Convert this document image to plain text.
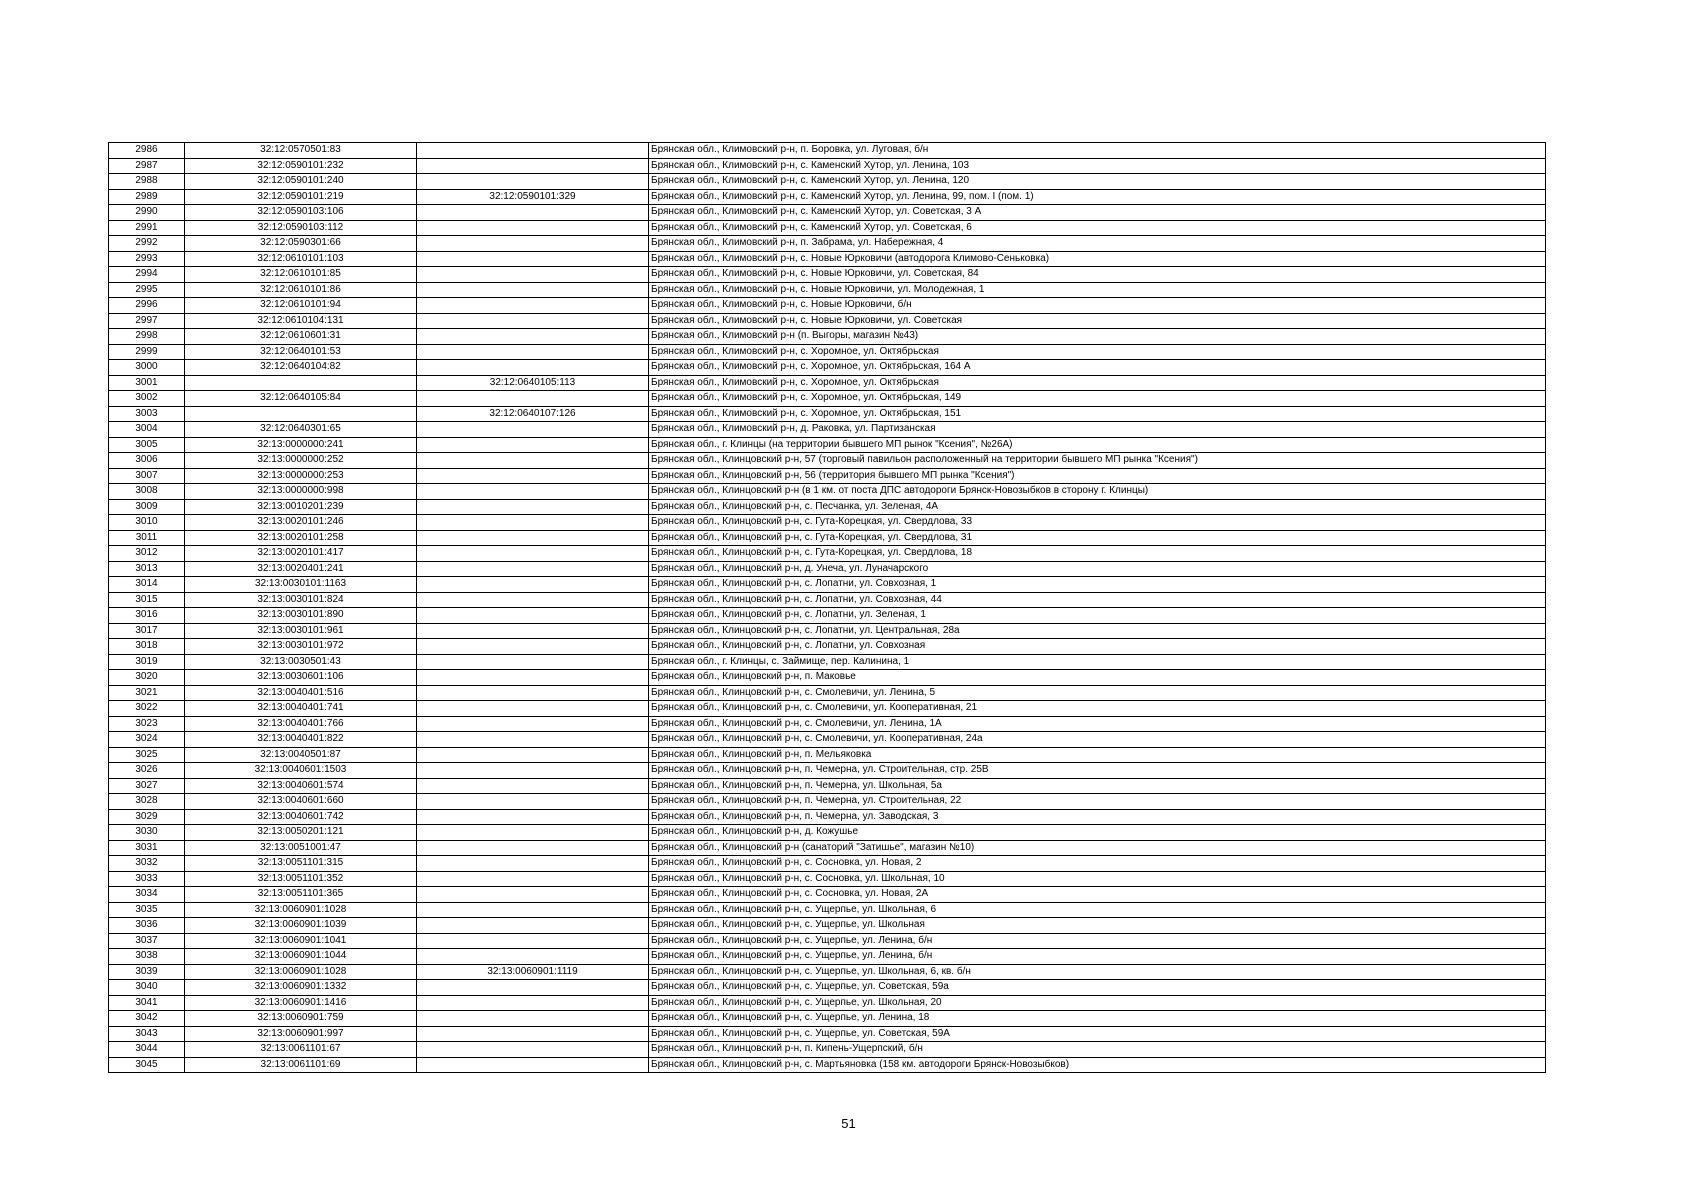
2986	32:12:0570501:83		Брянская обл., Климовский р-н, п. Боровка, ул. Луговая, б/н
2987	32:12:0590101:232		Брянская обл., Климовский р-н, с. Каменский Хутор, ул. Ленина, 103
2988	32:12:0590101:240		Брянская обл., Климовский р-н, с. Каменский Хутор, ул. Ленина, 120
2989	32:12:0590101:219	32:12:0590101:329	Брянская обл., Климовский р-н, с. Каменский Хутор, ул. Ленина, 99, пом. I (пом. 1)
2990	32:12:0590103:106		Брянская обл., Климовский р-н, с. Каменский Хутор, ул. Советская, 3 А
2991	32:12:0590103:112		Брянская обл., Климовский р-н, с. Каменский Хутор, ул. Советская, 6
2992	32:12:0590301:66		Брянская обл., Климовский р-н, п. Забрама, ул. Набережная, 4
2993	32:12:0610101:103		Брянская обл., Климовский р-н, с. Новые Юрковичи (автодорога Климово-Сеньковка)
2994	32:12:0610101:85		Брянская обл., Климовский р-н, с. Новые Юрковичи, ул. Советская, 84
2995	32:12:0610101:86		Брянская обл., Климовский р-н, с. Новые Юрковичи, ул. Молодежная, 1
2996	32:12:0610101:94		Брянская обл., Климовский р-н, с. Новые Юрковичи, б/н
2997	32:12:0610104:131		Брянская обл., Климовский р-н, с. Новые Юрковичи, ул. Советская
2998	32:12:0610601:31		Брянская обл., Климовский р-н (п. Выгоры, магазин №43)
2999	32:12:0640101:53		Брянская обл., Климовский р-н, с. Хоромное, ул. Октябрьская
3000	32:12:0640104:82		Брянская обл., Климовский р-н, с. Хоромное, ул. Октябрьская, 164 А
3001		32:12:0640105:113	Брянская обл., Климовский р-н, с. Хоромное, ул. Октябрьская
3002	32:12:0640105:84		Брянская обл., Климовский р-н, с. Хоромное, ул. Октябрьская, 149
3003		32:12:0640107:126	Брянская обл., Климовский р-н, с. Хоромное, ул. Октябрьская, 151
3004	32:12:0640301:65		Брянская обл., Климовский р-н, д. Раковка, ул. Партизанская
3005	32:13:0000000:241		Брянская обл., г. Клинцы (на территории бывшего МП рынок "Ксения", №26А)
3006	32:13:0000000:252		Брянская обл., Клинцовский р-н, 57 (торговый павильон расположенный на территории бывшего МП рынка "Ксения")
3007	32:13:0000000:253		Брянская обл., Клинцовский р-н, 56 (территория бывшего МП рынка "Ксения")
3008	32:13:0000000:998		Брянская обл., Клинцовский р-н (в 1 км. от поста ДПС автодороги Брянск-Новозыбков в сторону г. Клинцы)
3009	32:13:0010201:239		Брянская обл., Клинцовский р-н, с. Песчанка, ул. Зеленая, 4А
3010	32:13:0020101:246		Брянская обл., Клинцовский р-н, с. Гута-Корецкая, ул. Свердлова, 33
3011	32:13:0020101:258		Брянская обл., Клинцовский р-н, с. Гута-Корецкая, ул. Свердлова, 31
3012	32:13:0020101:417		Брянская обл., Клинцовский р-н, с. Гута-Корецкая, ул. Свердлова, 18
3013	32:13:0020401:241		Брянская обл., Клинцовский р-н, д. Унеча, ул. Луначарского
3014	32:13:0030101:1163		Брянская обл., Клинцовский р-н, с. Лопатни, ул. Совхозная, 1
3015	32:13:0030101:824		Брянская обл., Клинцовский р-н, с. Лопатни, ул. Совхозная, 44
3016	32:13:0030101:890		Брянская обл., Клинцовский р-н, с. Лопатни, ул. Зеленая, 1
3017	32:13:0030101:961		Брянская обл., Клинцовский р-н, с. Лопатни, ул. Центральная, 28а
3018	32:13:0030101:972		Брянская обл., Клинцовский р-н, с. Лопатни, ул. Совхозная
3019	32:13:0030501:43		Брянская обл., г. Клинцы, с. Займище, пер. Калинина, 1
3020	32:13:0030601:106		Брянская обл., Клинцовский р-н, п. Маковье
3021	32:13:0040401:516		Брянская обл., Клинцовский р-н, с. Смолевичи, ул. Ленина, 5
3022	32:13:0040401:741		Брянская обл., Клинцовский р-н, с. Смолевичи, ул. Кооперативная, 21
3023	32:13:0040401:766		Брянская обл., Клинцовский р-н, с. Смолевичи, ул. Ленина, 1А
3024	32:13:0040401:822		Брянская обл., Клинцовский р-н, с. Смолевичи, ул. Кооперативная, 24а
3025	32:13:0040501:87		Брянская обл., Клинцовский р-н, п. Мельяковка
3026	32:13:0040601:1503		Брянская обл., Клинцовский р-н, п. Чемерна, ул. Строительная, стр. 25В
3027	32:13:0040601:574		Брянская обл., Клинцовский р-н, п. Чемерна, ул. Школьная, 5а
3028	32:13:0040601:660		Брянская обл., Клинцовский р-н, п. Чемерна, ул. Строительная, 22
3029	32:13:0040601:742		Брянская обл., Клинцовский р-н, п. Чемерна, ул. Заводская, 3
3030	32:13:0050201:121		Брянская обл., Клинцовский р-н, д. Кожушье
3031	32:13:0051001:47		Брянская обл., Клинцовский р-н (санаторий "Затишье", магазин №10)
3032	32:13:0051101:315		Брянская обл., Клинцовский р-н, с. Сосновка, ул. Новая, 2
3033	32:13:0051101:352		Брянская обл., Клинцовский р-н, с. Сосновка, ул. Школьная, 10
3034	32:13:0051101:365		Брянская обл., Клинцовский р-н, с. Сосновка, ул. Новая, 2А
3035	32:13:0060901:1028		Брянская обл., Клинцовский р-н, с. Ущерпье, ул. Школьная, 6
3036	32:13:0060901:1039		Брянская обл., Клинцовский р-н, с. Ущерпье, ул. Школьная
3037	32:13:0060901:1041		Брянская обл., Клинцовский р-н, с. Ущерпье, ул. Ленина, б/н
3038	32:13:0060901:1044		Брянская обл., Клинцовский р-н, с. Ущерпье, ул. Ленина, б/н
3039	32:13:0060901:1028	32:13:0060901:1119	Брянская обл., Клинцовский р-н, с. Ущерпье, ул. Школьная, 6, кв. б/н
3040	32:13:0060901:1332		Брянская обл., Клинцовский р-н, с. Ущерпье, ул. Советская, 59а
3041	32:13:0060901:1416		Брянская обл., Клинцовский р-н, с. Ущерпье, ул. Школьная, 20
3042	32:13:0060901:759		Брянская обл., Клинцовский р-н, с. Ущерпье, ул. Ленина, 18
3043	32:13:0060901:997		Брянская обл., Клинцовский р-н, с. Ущерпье, ул. Советская, 59А
3044	32:13:0061101:67		Брянская обл., Клинцовский р-н, п. Кипень-Ущерпский, б/н
3045	32:13:0061101:69		Брянская обл., Клинцовский р-н, с. Мартьяновка (158 км. автодороги Брянск-Новозыбков)
51
